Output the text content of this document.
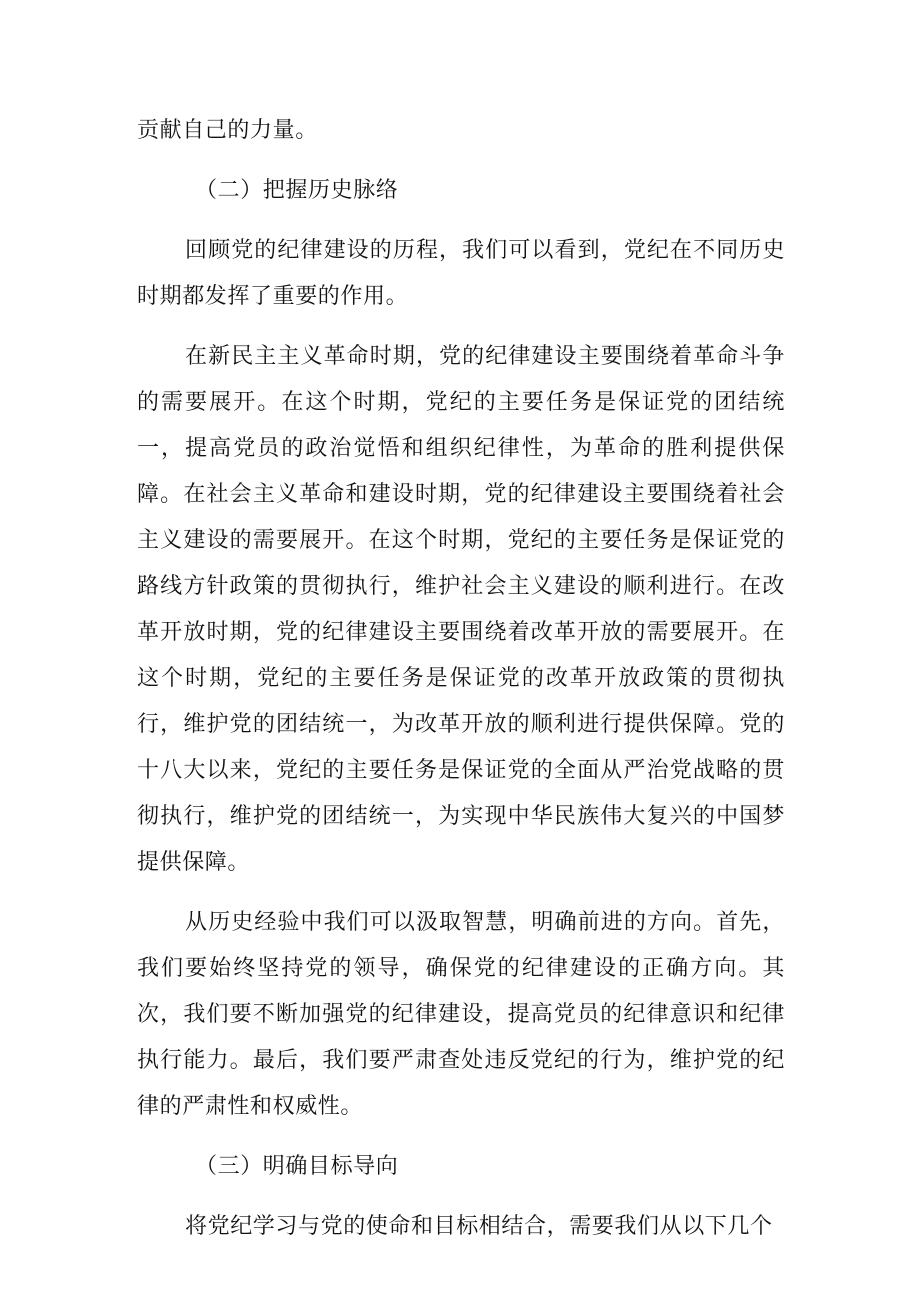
贡献自己的力量。

（二）把握历史脉络

回顾党的纪律建设的历程，我们可以看到，党纪在不同历史时期都发挥了重要的作用。

在新民主主义革命时期，党的纪律建设主要围绕着革命斗争的需要展开。在这个时期，党纪的主要任务是保证党的团结统一，提高党员的政治觉悟和组织纪律性，为革命的胜利提供保障。在社会主义革命和建设时期，党的纪律建设主要围绕着社会主义建设的需要展开。在这个时期，党纪的主要任务是保证党的路线方针政策的贯彻执行，维护社会主义建设的顺利进行。在改革开放时期，党的纪律建设主要围绕着改革开放的需要展开。在这个时期，党纪的主要任务是保证党的改革开放政策的贯彻执行，维护党的团结统一，为改革开放的顺利进行提供保障。党的十八大以来，党纪的主要任务是保证党的全面从严治党战略的贯彻执行，维护党的团结统一，为实现中华民族伟大复兴的中国梦提供保障。

从历史经验中我们可以汲取智慧，明确前进的方向。首先，我们要始终坚持党的领导，确保党的纪律建设的正确方向。其次，我们要不断加强党的纪律建设，提高党员的纪律意识和纪律执行能力。最后，我们要严肃查处违反党纪的行为，维护党的纪律的严肃性和权威性。

（三）明确目标导向

将党纪学习与党的使命和目标相结合，需要我们从以下几个
